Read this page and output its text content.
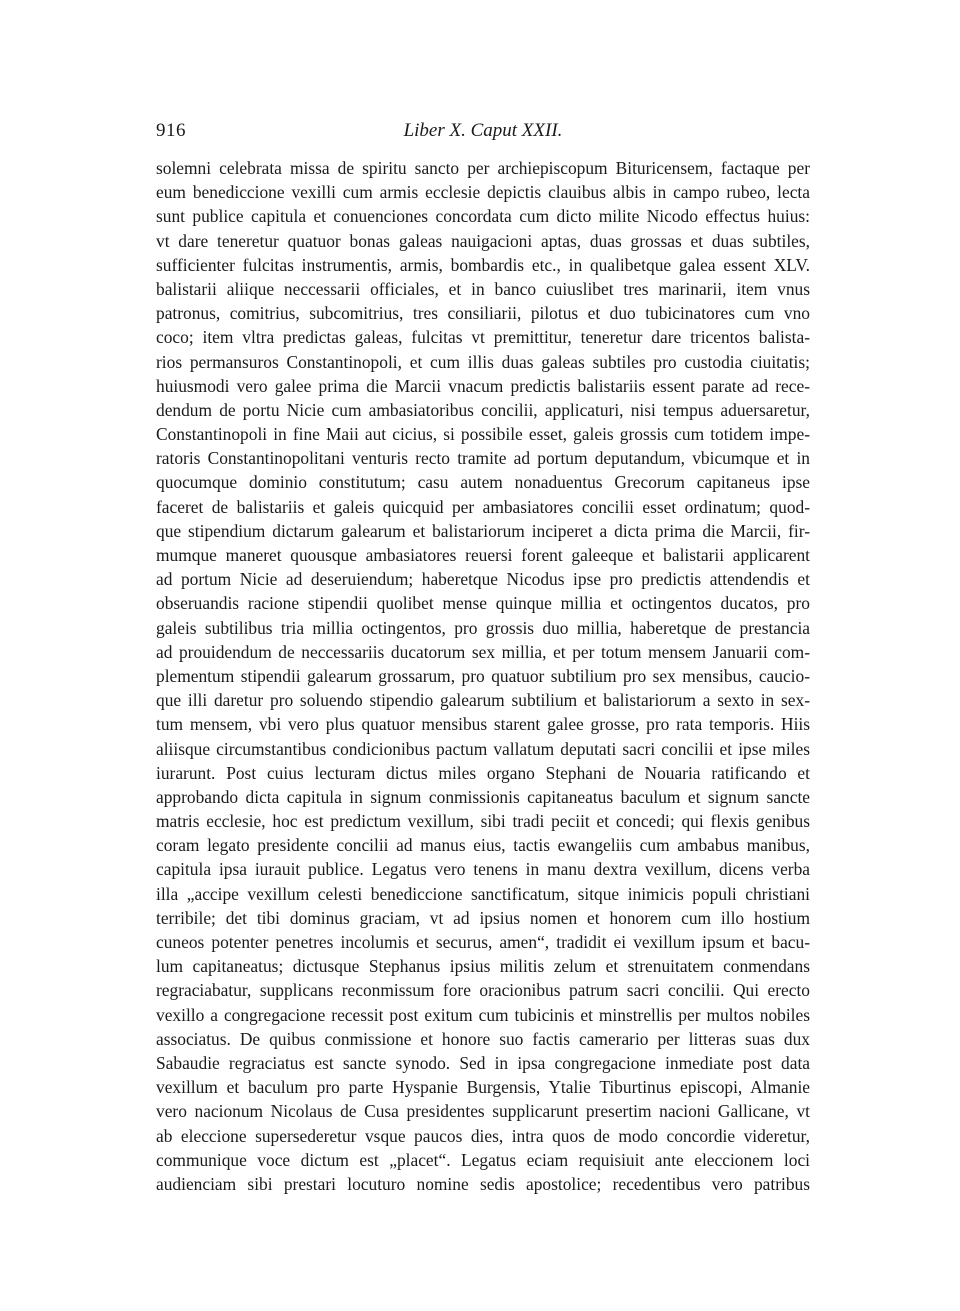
916	Liber X. Caput XXII.
solemni celebrata missa de spiritu sancto per archiepiscopum Bituricensem, factaque per
eum benediccione vexilli cum armis ecclesie depictis clauibus albis in campo rubeo, lecta
sunt publice capitula et conuenciones concordata cum dicto milite Nicodo effectus huius:
vt dare teneretur quatuor bonas galeas nauigacioni aptas, duas grossas et duas subtiles,
sufficienter fulcitas instrumentis, armis, bombardis etc., in qualibetque galea essent XLV.
balistarii aliique neccessarii officiales, et in banco cuiuslibet tres marinarii, item vnus
patronus, comitrius, subcomitrius, tres consiliarii, pilotus et duo tubicinatores cum vno
coco; item vltra predictas galeas, fulcitas vt premittitur, teneretur dare tricentos balista-
rios permansuros Constantinopoli, et cum illis duas galeas subtiles pro custodia ciuitatis;
huiusmodi vero galee prima die Marcii vnacum predictis balistariis essent parate ad rece-
dendum de portu Nicie cum ambasiatoribus concilii, applicaturi, nisi tempus aduersaretur,
Constantinopoli in fine Maii aut cicius, si possibile esset, galeis grossis cum totidem impe-
ratoris Constantinopolitani venturis recto tramite ad portum deputandum, vbicumque et in
quocumque dominio constitutum; casu autem nonaduentus Grecorum capitaneus ipse
faceret de balistariis et galeis quicquid per ambasiatores concilii esset ordinatum; quod-
que stipendium dictarum galearum et balistariorum inciperet a dicta prima die Marcii, fir-
mumque maneret quousque ambasiatores reuersi forent galeeque et balistarii applicarent
ad portum Nicie ad deseruiendum; haberetque Nicodus ipse pro predictis attendendis et
obseruandis racione stipendii quolibet mense quinque millia et octingentos ducatos, pro
galeis subtilibus tria millia octingentos, pro grossis duo millia, haberetque de prestancia
ad prouidendum de neccessariis ducatorum sex millia, et per totum mensem Januarii com-
plementum stipendii galearum grossarum, pro quatuor subtilium pro sex mensibus, caucio-
que illi daretur pro soluendo stipendio galearum subtilium et balistariorum a sexto in sex-
tum mensem, vbi vero plus quatuor mensibus starent galee grosse, pro rata temporis. Hiis
aliisque circumstantibus condicionibus pactum vallatum deputati sacri concilii et ipse miles
iurarunt. Post cuius lecturam dictus miles organo Stephani de Nouaria ratificando et
approbando dicta capitula in signum conmissionis capitaneatus baculum et signum sancte
matris ecclesie, hoc est predictum vexillum, sibi tradi peciit et concedi; qui flexis genibus
coram legato presidente concilii ad manus eius, tactis ewangeliis cum ambabus manibus,
capitula ipsa iurauit publice. Legatus vero tenens in manu dextra vexillum, dicens verba
illa „accipe vexillum celesti benediccione sanctificatum, sitque inimicis populi christiani
terribile; det tibi dominus graciam, vt ad ipsius nomen et honorem cum illo hostium
cuneos potenter penetres incolumis et securus, amen“, tradidit ei vexillum ipsum et bacu-
lum capitaneatus; dictusque Stephanus ipsius militis zelum et strenuitatem conmendans
regraciabatur, supplicans reconmissum fore oracionibus patrum sacri concilii. Qui erecto
vexillo a congregacione recessit post exitum cum tubicinis et minstrellis per multos nobiles
associatus. De quibus conmissione et honore suo factis camerario per litteras suas dux
Sabaudie regraciatus est sancte synodo. Sed in ipsa congregacione inmediate post data
vexillum et baculum pro parte Hyspanie Burgensis, Ytalie Tiburtinus episcopi, Almanie
vero nacionum Nicolaus de Cusa presidentes supplicarunt presertim nacioni Gallicane, vt
ab eleccione supersederetur vsque paucos dies, intra quos de modo concordie videretur,
communique voce dictum est „placet“. Legatus eciam requisiuit ante eleccionem loci
audienciam sibi prestari locuturo nomine sedis apostolice; recedentibus vero patribus
